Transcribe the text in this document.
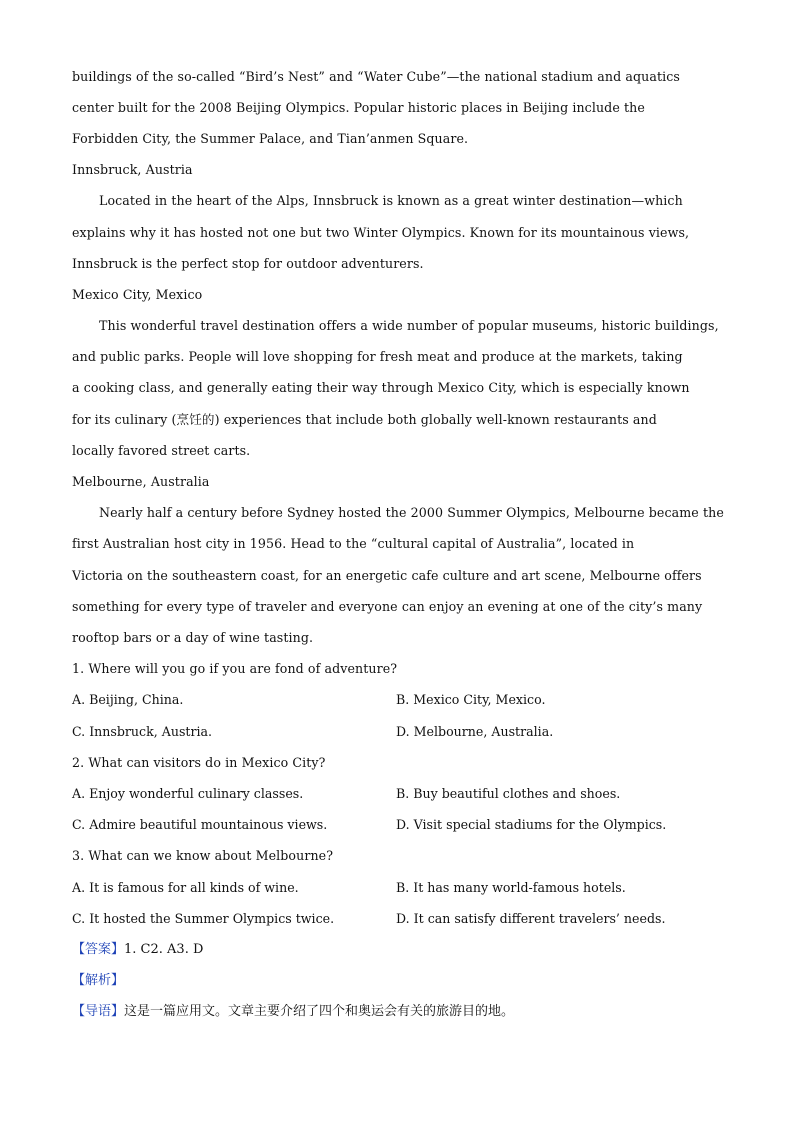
buildings of the so-called “Bird’s Nest” and “Water Cube”—the national stadium and aquatics
center built for the 2008 Beijing Olympics. Popular historic places in Beijing include the
Forbidden City, the Summer Palace, and Tian’anmen Square.
Innsbruck, Austria
Located in the heart of the Alps, Innsbruck is known as a great winter destination—which
explains why it has hosted not one but two Winter Olympics. Known for its mountainous views,
Innsbruck is the perfect stop for outdoor adventurers.
Mexico City, Mexico
This wonderful travel destination offers a wide number of popular museums, historic buildings,
and public parks. People will love shopping for fresh meat and produce at the markets, taking
a cooking class, and generally eating their way through Mexico City, which is especially known
for its culinary (烹饪的) experiences that include both globally well-known restaurants and
locally favored street carts.
Melbourne, Australia
Nearly half a century before Sydney hosted the 2000 Summer Olympics, Melbourne became the
first Australian host city in 1956. Head to the “cultural capital of Australia”, located in
Victoria on the southeastern coast, for an energetic cafe culture and art scene, Melbourne offers
something for every type of traveler and everyone can enjoy an evening at one of the city’s many
rooftop bars or a day of wine tasting.
1. Where will you go if you are fond of adventure?
A. Beijing, China.	B. Mexico City, Mexico.
C. Innsbruck, Austria.	D. Melbourne, Australia.
2. What can visitors do in Mexico City?
A. Enjoy wonderful culinary classes.	B. Buy beautiful clothes and shoes.
C. Admire beautiful mountainous views.	D. Visit special stadiums for the Olympics.
3. What can we know about Melbourne?
A. It is famous for all kinds of wine.	B. It has many world-famous hotels.
C. It hosted the Summer Olympics twice.	D. It can satisfy different travelers’ needs.
【答案】1. C2. A3. D
【解析】
【导语】这是一篇应用文。文章主要介绍了四个和奥运会有关的旅游目的地。
